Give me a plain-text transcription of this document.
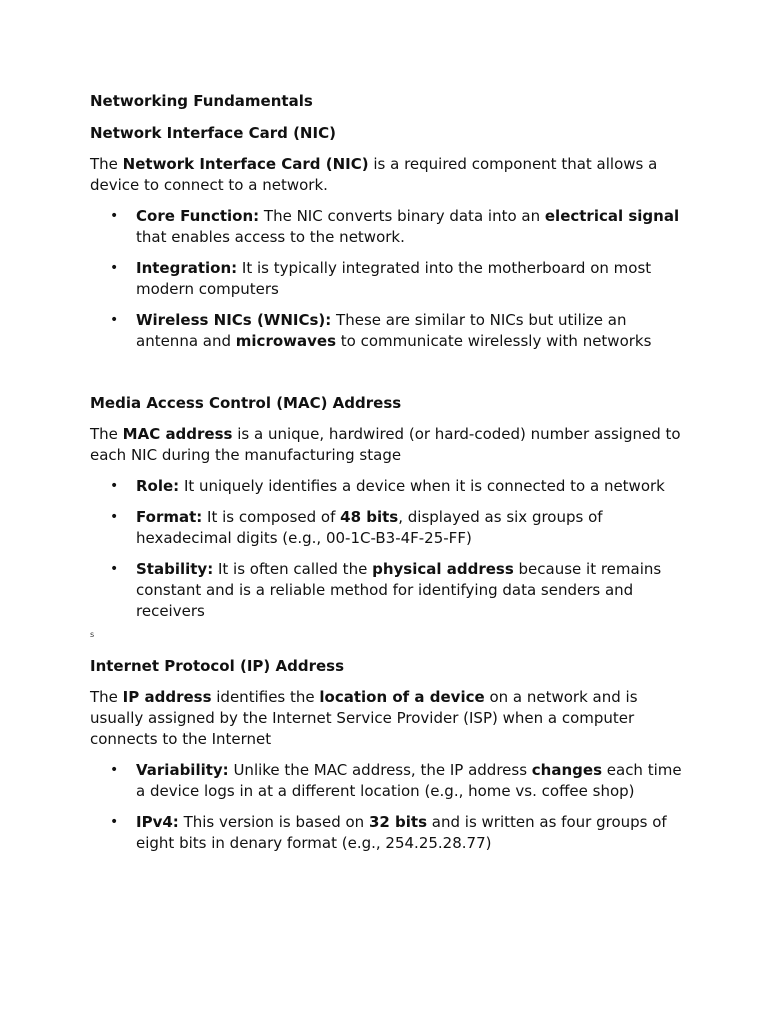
Networking Fundamentals
Network Interface Card (NIC)

The Network Interface Card (NIC) is a required component that allows a device to connect to a network.

• Core Function: The NIC converts binary data into an electrical signal that enables access to the network.
• Integration: It is typically integrated into the motherboard on most modern computers
• Wireless NICs (WNICs): These are similar to NICs but utilize an antenna and microwaves to communicate wirelessly with networks
Media Access Control (MAC) Address

The MAC address is a unique, hardwired (or hard-coded) number assigned to each NIC during the manufacturing stage

• Role: It uniquely identifies a device when it is connected to a network
• Format: It is composed of 48 bits, displayed as six groups of hexadecimal digits (e.g., 00-1C-B3-4F-25-FF)
• Stability: It is often called the physical address because it remains constant and is a reliable method for identifying data senders and receivers
s
Internet Protocol (IP) Address

The IP address identifies the location of a device on a network and is usually assigned by the Internet Service Provider (ISP) when a computer connects to the Internet

• Variability: Unlike the MAC address, the IP address changes each time a device logs in at a different location (e.g., home vs. coffee shop)
• IPv4: This version is based on 32 bits and is written as four groups of eight bits in denary format (e.g., 254.25.28.77)
